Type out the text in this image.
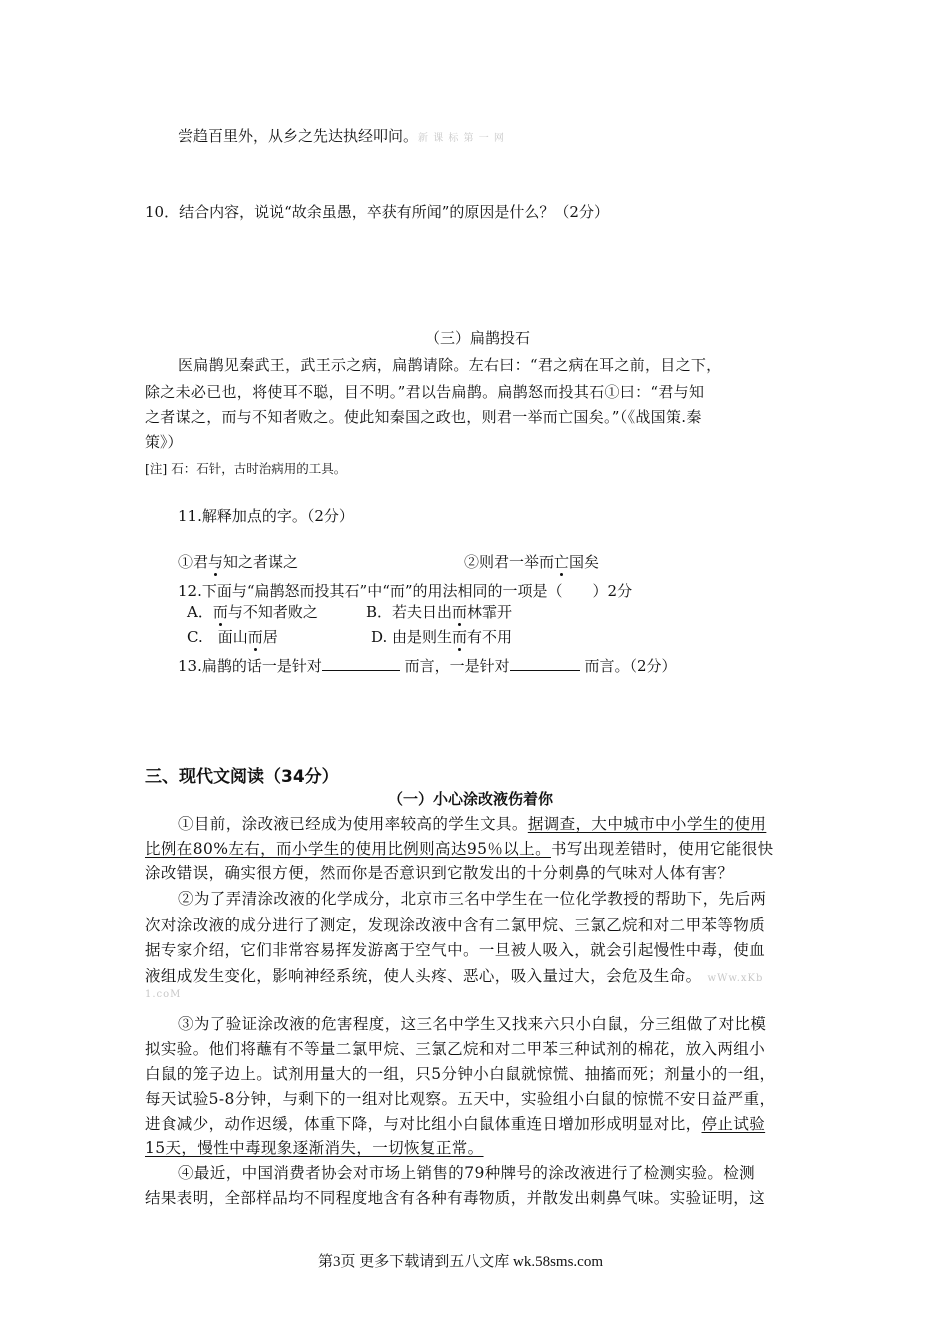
尝趋百里外，从乡之先达执经叩问。新 课 标 第 一 网
10．结合内容，说说“故余虽愚，卒获有所闻”的原因是什么？（2分）
（三）扁鹊投石
医扁鹊见秦武王，武王示之病，扁鹊请除。左右曰：“君之病在耳之前，目之下，
除之未必已也，将使耳不聪，目不明。”君以告扁鹊。扁鹊怒而投其石①曰：“君与知
之者谋之，而与不知者败之。使此知秦国之政也，则君一举而亡国矣。”（《战国策.秦
策》）
[注] 石：石针，古时治病用的工具。
11.解释加点的字。（2分）
①君与知之者谋之	②则君一举而亡国矣
12.下面与“扁鹊怒而投其石”中“而”的用法相同的一项是（　　）2分
A．而与不知者败之	B．若夫日出而林霏开
C.　面山而居	D. 由是则生而有不用
13.扁鹊的话一是针对	而言，一是针对	而言。（2分）
三、现代文阅读（34分）
（一）小心涂改液伤着你
①目前，涂改液已经成为使用率较高的学生文具。据调查，大中城市中小学生的使用
比例在80%左右，而小学生的使用比例则高达95％以上。书写出现差错时，使用它能很快
涂改错误，确实很方便，然而你是否意识到它散发出的十分刺鼻的气味对人体有害？
②为了弄清涂改液的化学成分，北京市三名中学生在一位化学教授的帮助下，先后两
次对涂改液的成分进行了测定，发现涂改液中含有二氯甲烷、三氯乙烷和对二甲苯等物质
据专家介绍，它们非常容易挥发游离于空气中。一旦被人吸入，就会引起慢性中毒，使血
液组成发生变化，影响神经系统，使人头疼、恶心，吸入量过大，会危及生命。 wWw.xKb
1.coM
③为了验证涂改液的危害程度，这三名中学生又找来六只小白鼠，分三组做了对比模
拟实验。他们将蘸有不等量二氯甲烷、三氯乙烷和对二甲苯三种试剂的棉花，放入两组小
白鼠的笼子边上。试剂用量大的一组，只5分钟小白鼠就惊慌、抽搐而死；剂量小的一组，
每天试验5-8分钟，与剩下的一组对比观察。五天中，实验组小白鼠的惊慌不安日益严重，
进食减少，动作迟缓，体重下降，与对比组小白鼠体重连日增加形成明显对比，停止试验
15天，慢性中毒现象逐渐消失，一切恢复正常。
④最近，中国消费者协会对市场上销售的79种牌号的涂改液进行了检测实验。检测
结果表明，全部样品均不同程度地含有各种有毒物质，并散发出刺鼻气味。实验证明，这
第3页 更多下载请到五八文库 wk.58sms.com
